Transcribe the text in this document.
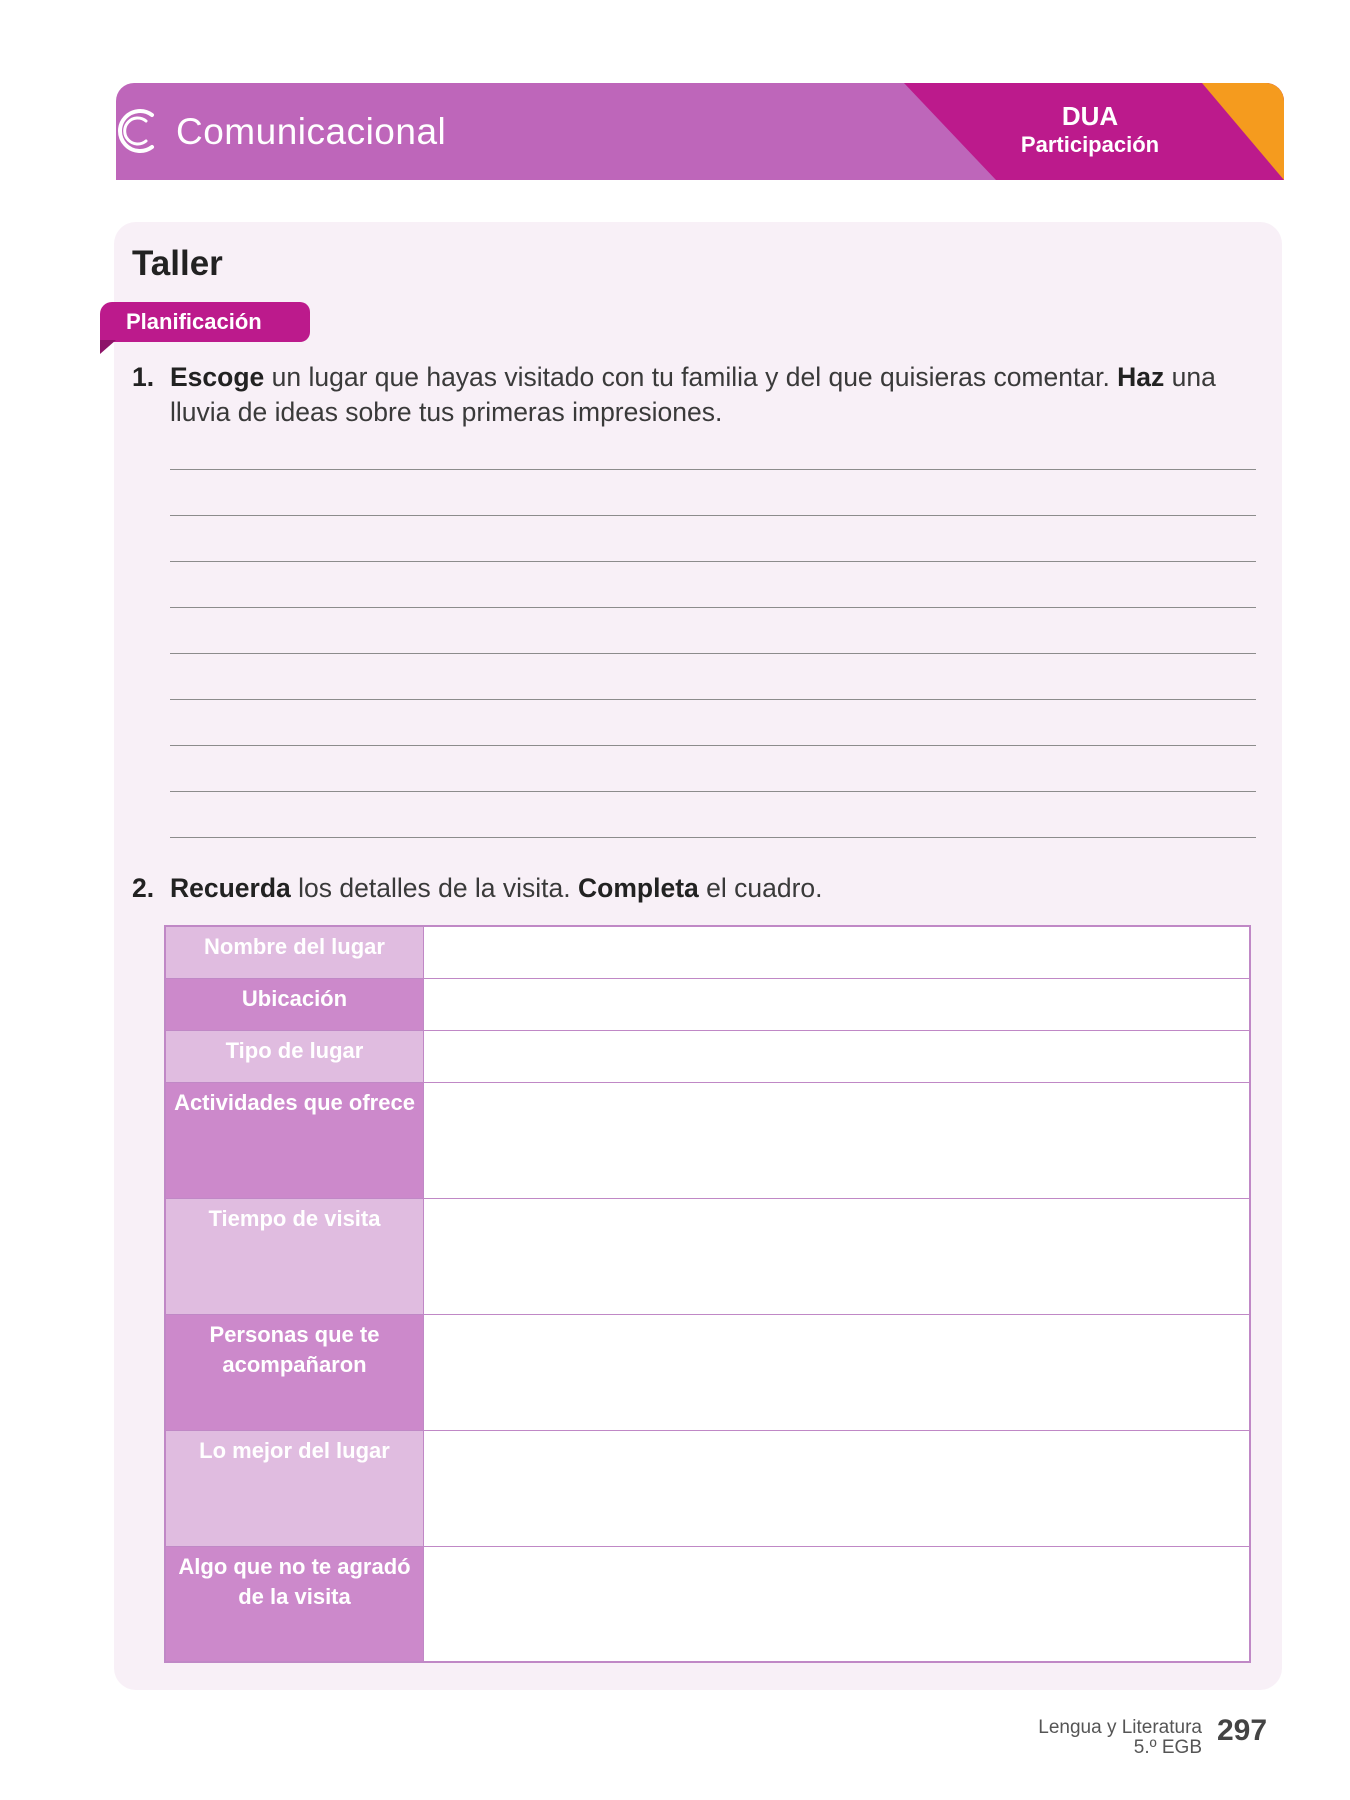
Comunicacional	DUA
Participación
Taller
Planificación
1. Escoge un lugar que hayas visitado con tu familia y del que quisieras comentar. Haz una lluvia de ideas sobre tus primeras impresiones.
2. Recuerda los detalles de la visita. Completa el cuadro.
Nombre del lugar
Ubicación
Tipo de lugar
Actividades que ofrece
Tiempo de visita
Personas que te acompañaron
Lo mejor del lugar
Algo que no te agradó de la visita
Lengua y Literatura
5.º EGB
297
